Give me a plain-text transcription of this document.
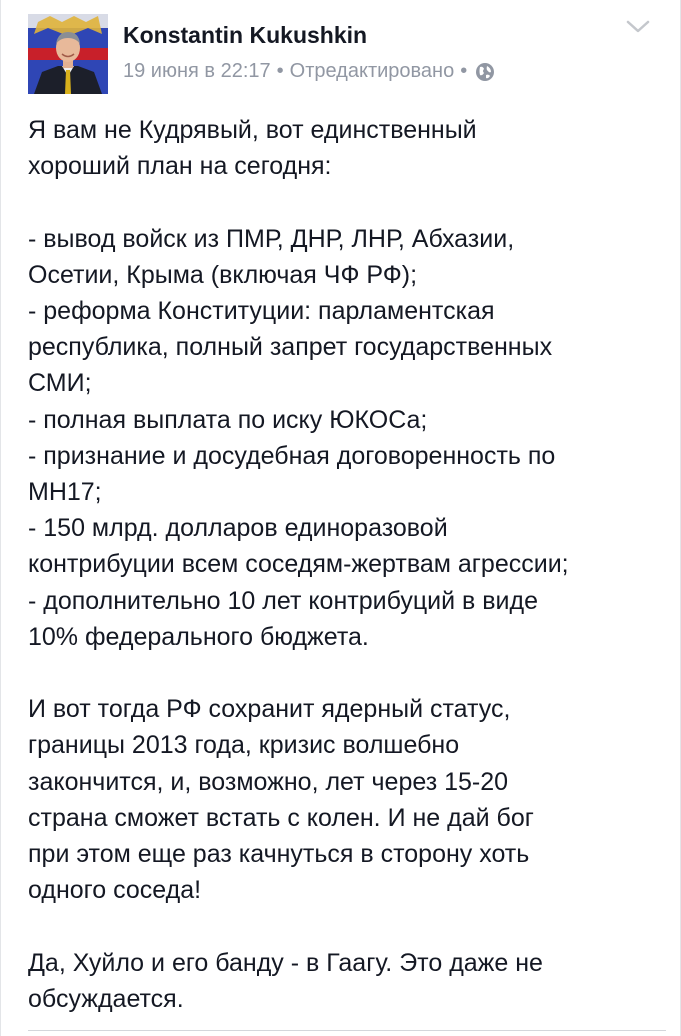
Konstantin Kukushkin
19 июня в 22:17 • Отредактировано •

Я вам не Кудрявый, вот единственный

хороший план на сегодня:

- вывод войск из ПМР, ДНР, ЛНР, Абхазии,

Осетии, Крыма (включая ЧФ РФ);

- реформа Конституции: парламентская

республика, полный запрет государственных

СМИ;

- полная выплата по иску ЮКОСа;

- признание и досудебная договоренность по

MH17;

- 150 млрд. долларов единоразовой

контрибуции всем соседям-жертвам агрессии;

- дополнительно 10 лет контрибуций в виде

10% федерального бюджета.

И вот тогда РФ сохранит ядерный статус,

границы 2013 года, кризис волшебно

закончится, и, возможно, лет через 15-20

страна сможет встать с колен. И не дай бог

при этом еще раз качнуться в сторону хоть

одного соседа!

Да, Хуйло и его банду - в Гаагу. Это даже не

обсуждается.
